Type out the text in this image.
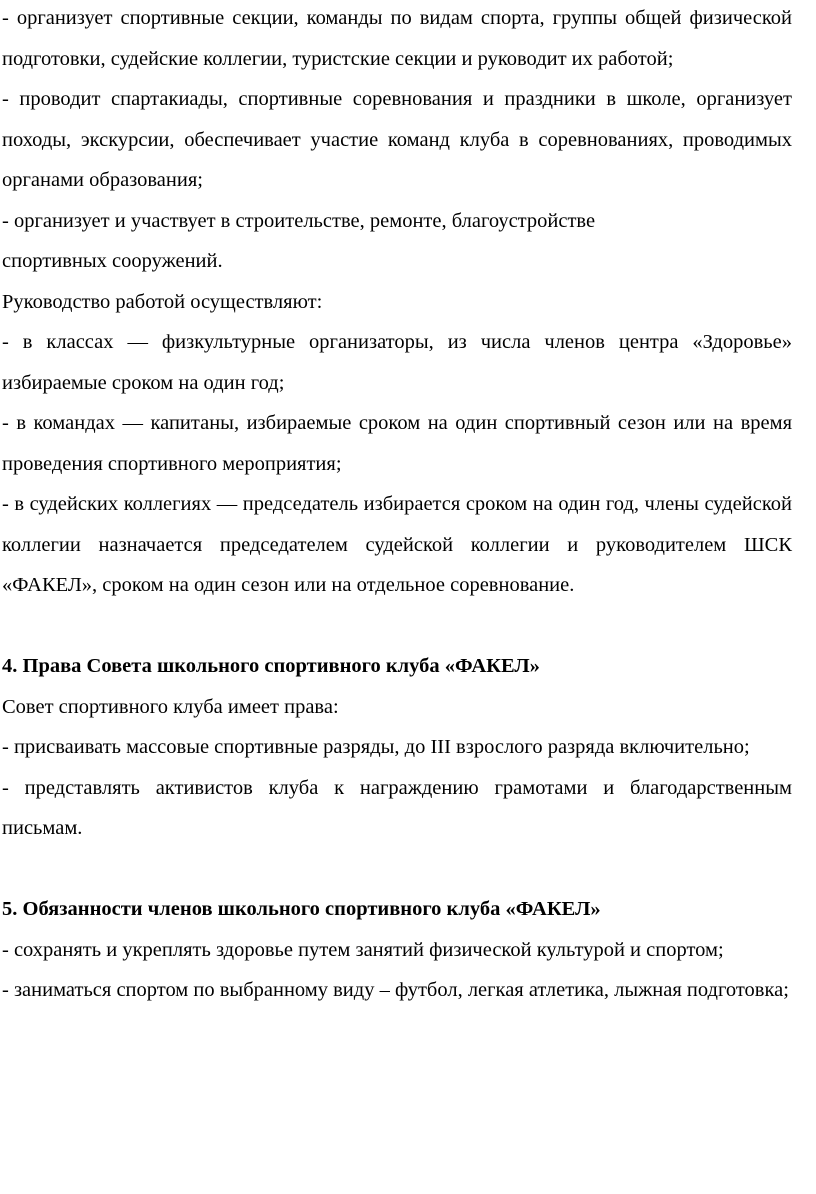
- организует спортивные секции, команды по видам спорта, группы общей физической подготовки, судейские коллегии, туристские секции и руководит их работой;

- проводит спартакиады, спортивные соревнования и праздники в школе, организует походы, экскурсии, обеспечивает участие команд клуба в соревнованиях, проводимых органами образования;

- организует и участвует в строительстве, ремонте, благоустройстве

спортивных сооружений.

Руководство работой осуществляют:

- в классах — физкультурные организаторы, из числа членов центра «Здоровье» избираемые сроком на один год;

- в командах — капитаны, избираемые сроком на один спортивный сезон или на время проведения спортивного мероприятия;

- в судейских коллегиях — председатель избирается сроком на один год, члены судейской коллегии назначается председателем судейской коллегии и руководителем ШСК «ФАКЕЛ», сроком на один сезон или на отдельное соревнование.

4. Права Совета школьного спортивного клуба «ФАКЕЛ»

Совет спортивного клуба имеет права:

- присваивать массовые спортивные разряды, до III взрослого разряда включительно;

- представлять активистов клуба к награждению грамотами и благодарственным письмам.

5. Обязанности членов школьного спортивного клуба «ФАКЕЛ»

- сохранять и укреплять здоровье путем занятий физической культурой и спортом;

- заниматься спортом по выбранному виду – футбол, легкая атлетика, лыжная подготовка;
